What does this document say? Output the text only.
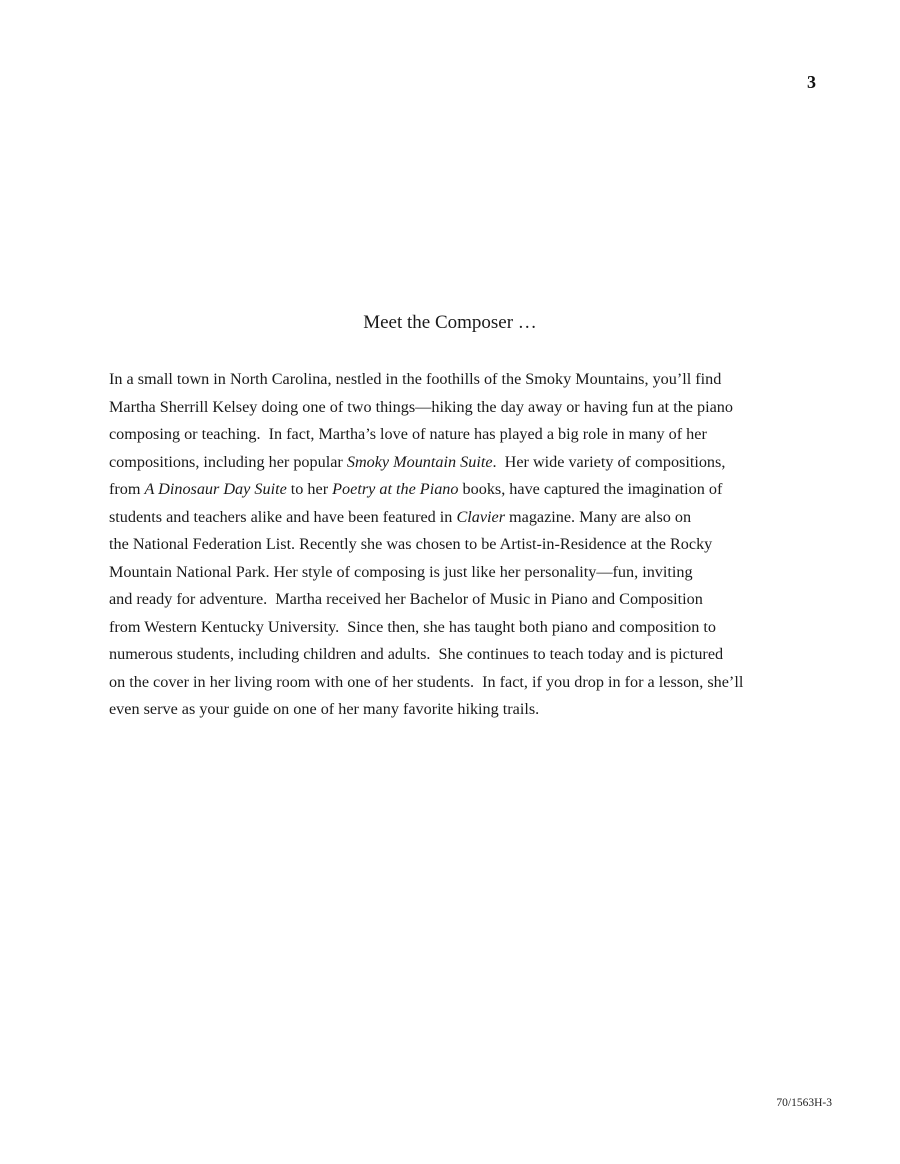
3
Meet the Composer …
In a small town in North Carolina, nestled in the foothills of the Smoky Mountains, you’ll find
Martha Sherrill Kelsey doing one of two things—hiking the day away or having fun at the piano
composing or teaching.  In fact, Martha’s love of nature has played a big role in many of her
compositions, including her popular Smoky Mountain Suite.  Her wide variety of compositions,
from A Dinosaur Day Suite to her Poetry at the Piano books, have captured the imagination of
students and teachers alike and have been featured in Clavier magazine. Many are also on
the National Federation List. Recently she was chosen to be Artist-in-Residence at the Rocky
Mountain National Park. Her style of composing is just like her personality—fun, inviting
and ready for adventure.  Martha received her Bachelor of Music in Piano and Composition
from Western Kentucky University.  Since then, she has taught both piano and composition to
numerous students, including children and adults.  She continues to teach today and is pictured
on the cover in her living room with one of her students.  In fact, if you drop in for a lesson, she’ll
even serve as your guide on one of her many favorite hiking trails.
70/1563H-3
